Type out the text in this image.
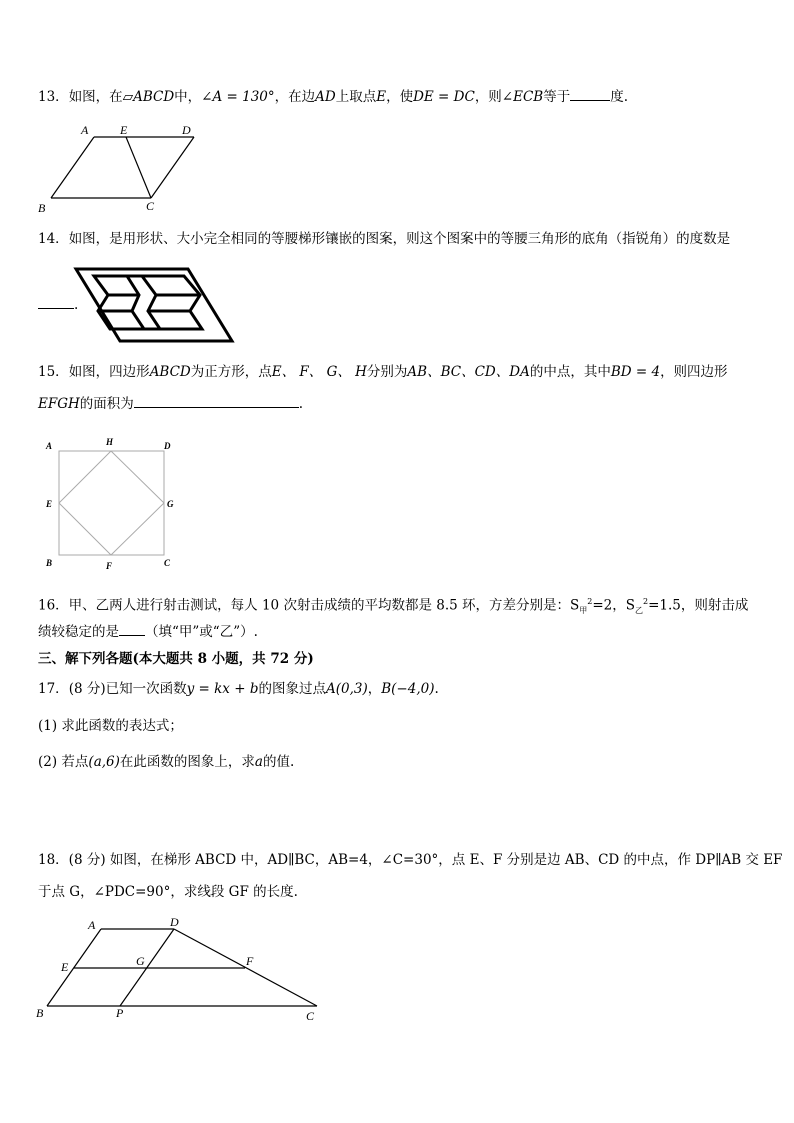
13．如图，在▱ABCD中，∠A = 130°，在边AD上取点E，使DE = DC，则∠ECB等于	度.
A	E	D
B	C
14．如图，是用形状、大小完全相同的等腰梯形镶嵌的图案，则这个图案中的等腰三角形的底角（指锐角）的度数是
.
15．如图，四边形ABCD为正方形，点E、 F、 G、 H分别为AB、BC、CD、DA的中点，其中BD = 4，则四边形
EFGH的面积为	.
A	H	D
E	G
B	F	C
16．甲、乙两人进行射击测试，每人 10 次射击成绩的平均数都是 8.5 环，方差分别是：$S_甲^2=2$，$S_乙^2=1.5$，则射击成
绩较稳定的是 （填“甲”或“乙”）.
三、解下列各题(本大题共 8 小题，共 72 分)
17．(8 分)已知一次函数y = kx + b的图象过点A(0,3)，B(−4,0).
(1) 求此函数的表达式；
(2) 若点(a,6)在此函数的图象上，求a的值.
18．(8 分) 如图，在梯形 ABCD 中，AD∥BC，AB=4，∠C=30°，点 E、F 分别是边 AB、CD 的中点，作 DP∥AB 交 EF
于点 G，∠PDC=90°，求线段 GF 的长度.
A	D
E	G	F
B	P	C
